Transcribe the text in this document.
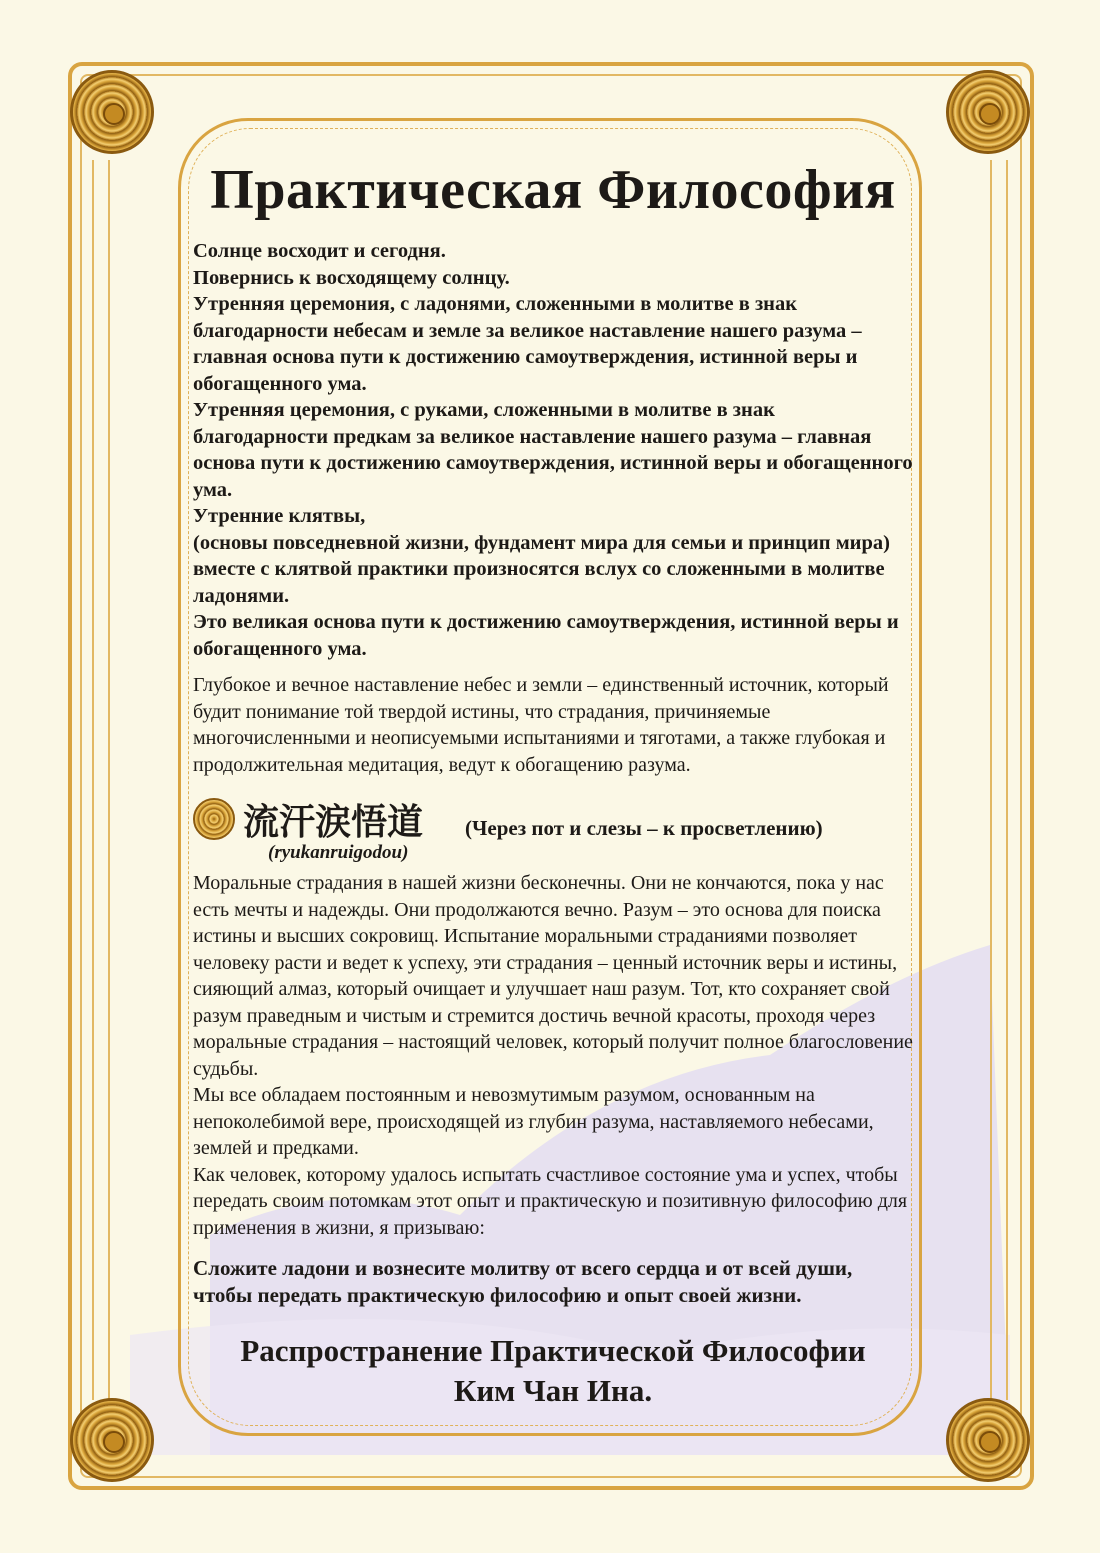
Практическая Философия

Солнце восходит и сегодня.

Повернись к восходящему солнцу.

Утренняя церемония, с ладонями, сложенными в молитве в знак благодарности небесам и земле за великое наставление нашего разума – главная основа пути к достижению самоутверждения, истинной веры и обогащенного ума.

Утренняя церемония, с руками, сложенными в молитве в знак благодарности предкам за великое наставление нашего разума – главная основа пути к достижению самоутверждения, истинной веры и обогащенного ума.

Утренние клятвы,

(основы повседневной жизни, фундамент мира для семьи и принцип мира)

вместе с клятвой практики произносятся вслух со сложенными в молитве ладонями.

Это великая основа пути к достижению самоутверждения, истинной веры и обогащенного ума.

Глубокое и вечное наставление небес и земли – единственный источник, который будит понимание той твердой истины, что страдания, причиняемые многочисленными и неописуемыми испытаниями и тяготами, а также глубокая и продолжительная медитация, ведут к обогащению разума.

流汗涙悟道 (Через пот и слезы – к просветлению)
(ryukanruigodou)

Моральные страдания в нашей жизни бесконечны. Они не кончаются, пока у нас есть мечты и надежды. Они продолжаются вечно. Разум – это основа для поиска истины и высших сокровищ. Испытание моральными страданиями позволяет человеку расти и ведет к успеху, эти страдания – ценный источник веры и истины, сияющий алмаз, который очищает и улучшает наш разум. Тот, кто сохраняет свой разум праведным и чистым и стремится достичь вечной красоты, проходя через моральные страдания – настоящий человек, который получит полное благословение судьбы.

Мы все обладаем постоянным и невозмутимым разумом, основанным на непоколебимой вере, происходящей из глубин разума, наставляемого небесами, землей и предками.

Как человек, которому удалось испытать счастливое состояние ума и успех, чтобы передать своим потомкам этот опыт и практическую и позитивную философию для применения в жизни, я призываю:

Сложите ладони и вознесите молитву от всего сердца и от всей души, чтобы передать практическую философию и опыт своей жизни.

Распространение Практической Философии

Ким Чан Ина.
